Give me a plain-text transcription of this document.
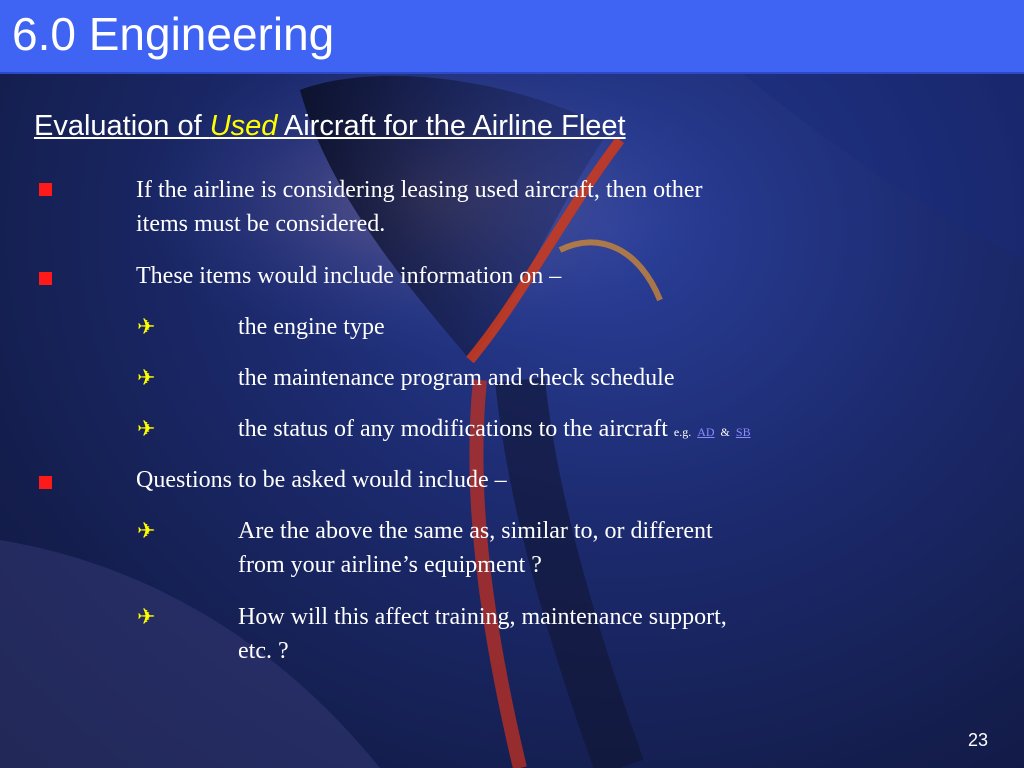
6.0 Engineering
Evaluation of Used Aircraft for the Airline Fleet
If the airline is considering leasing used aircraft, then other
items must be considered.
These items would include information on –
✈	the engine type
✈	the maintenance program and check schedule
✈	the status of any modifications to the aircraft e.g. AD & SB
Questions to be asked would include –
✈	Are the above the same as, similar to, or different
from your airline’s equipment ?
✈	How will this affect training, maintenance support,
etc. ?
23
